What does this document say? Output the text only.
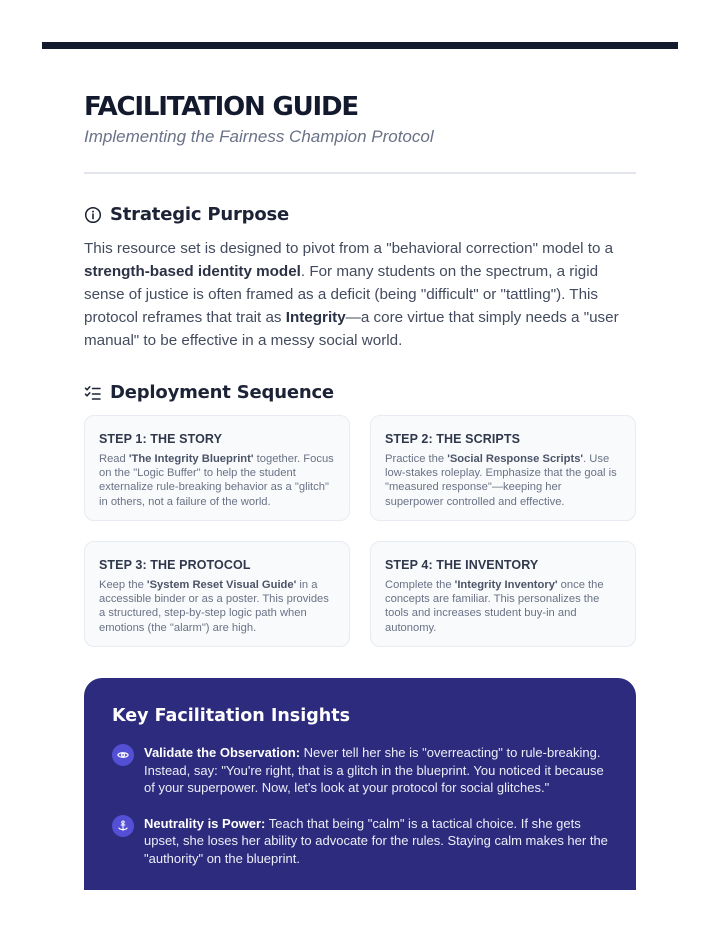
FACILITATION GUIDE
Implementing the Fairness Champion Protocol
Strategic Purpose

This resource set is designed to pivot from a "behavioral correction" model to a strength-based identity model. For many students on the spectrum, a rigid sense of justice is often framed as a deficit (being "difficult" or "tattling"). This protocol reframes that trait as Integrity—a core virtue that simply needs a "user manual" to be effective in a messy social world.

Deployment Sequence
STEP 1: THE STORY
Read 'The Integrity Blueprint' together. Focus on the "Logic Buffer" to help the student externalize rule-breaking behavior as a "glitch" in others, not a failure of the world.
STEP 2: THE SCRIPTS
Practice the 'Social Response Scripts'. Use low-stakes roleplay. Emphasize that the goal is "measured response"—keeping her superpower controlled and effective.
STEP 3: THE PROTOCOL
Keep the 'System Reset Visual Guide' in a accessible binder or as a poster. This provides a structured, step-by-step logic path when emotions (the "alarm") are high.
STEP 4: THE INVENTORY
Complete the 'Integrity Inventory' once the concepts are familiar. This personalizes the tools and increases student buy-in and autonomy.
Key Facilitation Insights
Validate the Observation: Never tell her she is "overreacting" to rule-breaking. Instead, say: "You're right, that is a glitch in the blueprint. You noticed it because of your superpower. Now, let's look at your protocol for social glitches."
Neutrality is Power: Teach that being "calm" is a tactical choice. If she gets upset, she loses her ability to advocate for the rules. Staying calm makes her the "authority" on the blueprint.
